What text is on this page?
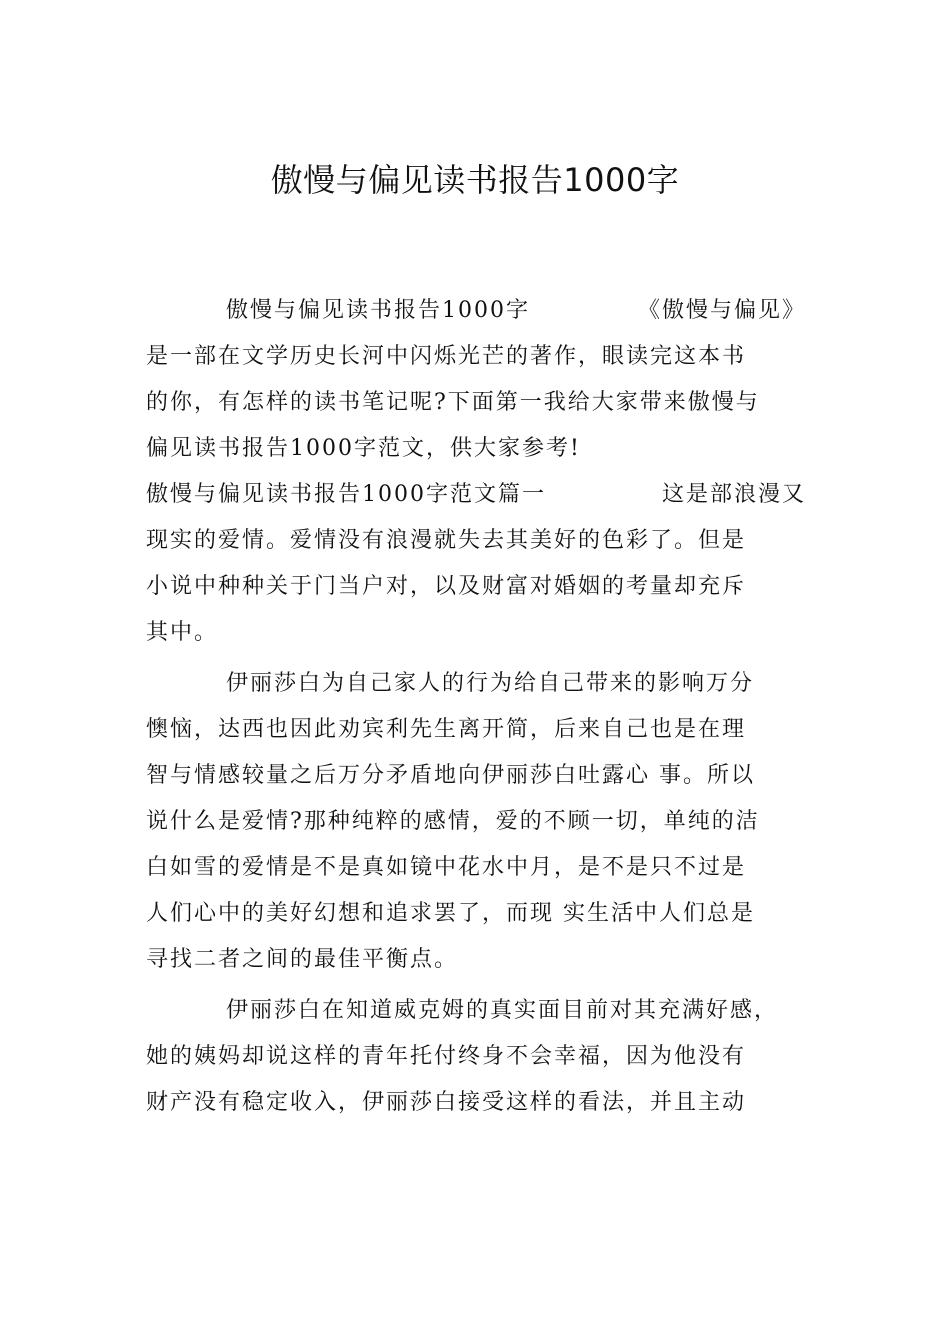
傲慢与偏见读书报告1000字
傲慢与偏见读书报告1000字	《傲慢与偏见》
是一部在文学历史长河中闪烁光芒的著作，眼读完这本书
的你，有怎样的读书笔记呢?下面第一我给大家带来傲慢与
偏见读书报告1000字范文，供大家参考!
傲慢与偏见读书报告1000字范文篇一	这是部浪漫又
现实的爱情。爱情没有浪漫就失去其美好的色彩了。但是
小说中种种关于门当户对，以及财富对婚姻的考量却充斥
其中。
伊丽莎白为自己家人的行为给自己带来的影响万分
懊恼，达西也因此劝宾利先生离开简，后来自己也是在理
智与情感较量之后万分矛盾地向伊丽莎白吐露心 事。所以
说什么是爱情?那种纯粹的感情，爱的不顾一切，单纯的洁
白如雪的爱情是不是真如镜中花水中月，是不是只不过是
人们心中的美好幻想和追求罢了，而现 实生活中人们总是
寻找二者之间的最佳平衡点。
伊丽莎白在知道威克姆的真实面目前对其充满好感，
她的姨妈却说这样的青年托付终身不会幸福，因为他没有
财产没有稳定收入，伊丽莎白接受这样的看法，并且主动
